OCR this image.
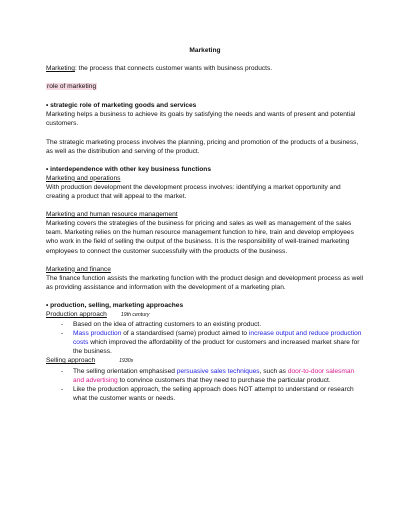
Marketing

Marketing: the process that connects customer wants with business products.

role of marketing

• strategic role of marketing goods and services

Marketing helps a business to achieve its goals by satisfying the needs and wants of present and potential customers.

The strategic marketing process involves the planning, pricing and promotion of the products of a business, as well as the distribution and serving of the product.

• interdependence with other key business functions

Marketing and operations

With production development the development process involves: identifying a market opportunity and creating a product that will appeal to the market.

Marketing and human resource management

Marketing covers the strategies of the business for pricing and sales as well as management of the sales team. Marketing relies on the human resource management function to hire, train and develop employees who work in the field of selling the output of the business. It is the responsibility of well-trained marketing employees to connect the customer successfully with the products of the business.

Marketing and finance

The finance function assists the marketing function with the product design and development process as well as providing assistance and information with the development of a marketing plan.

• production, selling, marketing approaches

Production approach	19th century

- Based on the idea of attracting customers to an existing product.

- Mass production of a standardised (same) product aimed to increase output and reduce production costs which improved the affordability of the product for customers and increased market share for the business.

Selling approach	1930s

- The selling orientation emphasised persuasive sales techniques, such as door-to-door salesman and advertising to convince customers that they need to purchase the particular product.

- Like the production approach, the selling approach does NOT attempt to understand or research what the customer wants or needs.
